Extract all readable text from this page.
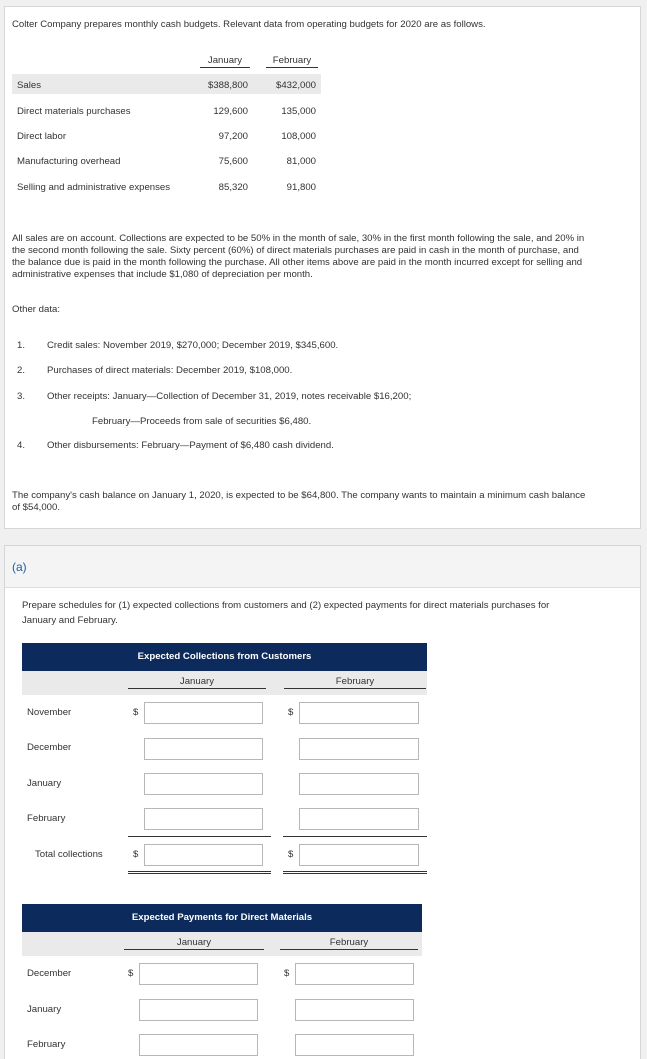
Colter Company prepares monthly cash budgets. Relevant data from operating budgets for 2020 are as follows.
January	February
Sales	$388,800	$432,000
Direct materials purchases	129,600	135,000
Direct labor	97,200	108,000
Manufacturing overhead	75,600	81,000
Selling and administrative expenses	85,320	91,800
All sales are on account. Collections are expected to be 50% in the month of sale, 30% in the first month following the sale, and 20% in
the second month following the sale. Sixty percent (60%) of direct materials purchases are paid in cash in the month of purchase, and
the balance due is paid in the month following the purchase. All other items above are paid in the month incurred except for selling and
administrative expenses that include $1,080 of depreciation per month.
Other data:
1. Credit sales: November 2019, $270,000; December 2019, $345,600.
2. Purchases of direct materials: December 2019, $108,000.
3. Other receipts: January—Collection of December 31, 2019, notes receivable $16,200;
February—Proceeds from sale of securities $6,480.
4. Other disbursements: February—Payment of $6,480 cash dividend.
The company's cash balance on January 1, 2020, is expected to be $64,800. The company wants to maintain a minimum cash balance
of $54,000.
(a)
Prepare schedules for (1) expected collections from customers and (2) expected payments for direct materials purchases for
January and February.
Expected Collections from Customers
January	February
November	$	$
December
January
February
Total collections	$	$
Expected Payments for Direct Materials
January	February
December	$	$
January
February
